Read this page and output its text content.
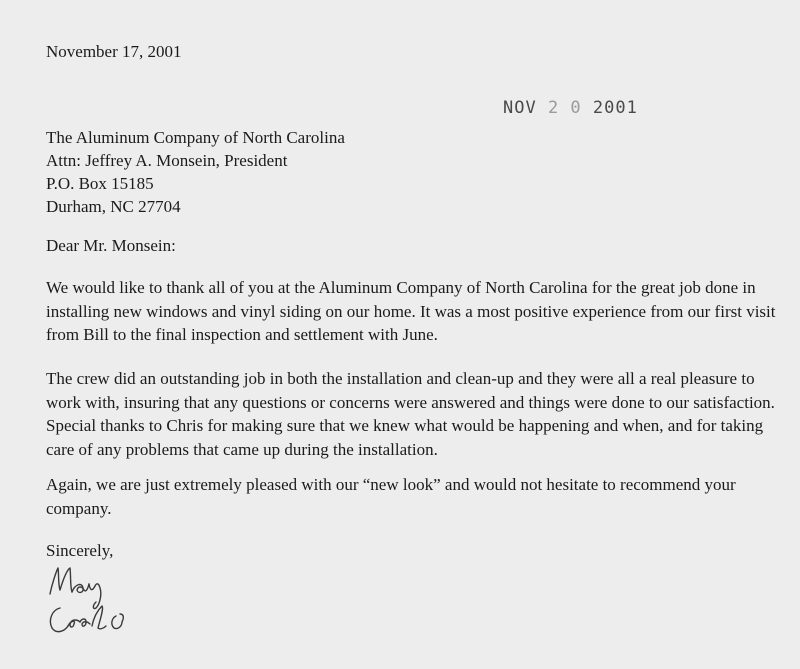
November 17, 2001
NOV 2 0 2001
The Aluminum Company of North Carolina
Attn: Jeffrey A. Monsein, President
P.O. Box 15185
Durham, NC 27704
Dear Mr. Monsein:

We would like to thank all of you at the Aluminum Company of North Carolina for the great job done in installing new windows and vinyl siding on our home. It was a most positive experience from our first visit from Bill to the final inspection and settlement with June.

The crew did an outstanding job in both the installation and clean-up and they were all a real pleasure to work with, insuring that any questions or concerns were answered and things were done to our satisfaction. Special thanks to Chris for making sure that we knew what would be happening and when, and for taking care of any problems that came up during the installation.

Again, we are just extremely pleased with our “new look” and would not hesitate to recommend your company.

Sincerely,
